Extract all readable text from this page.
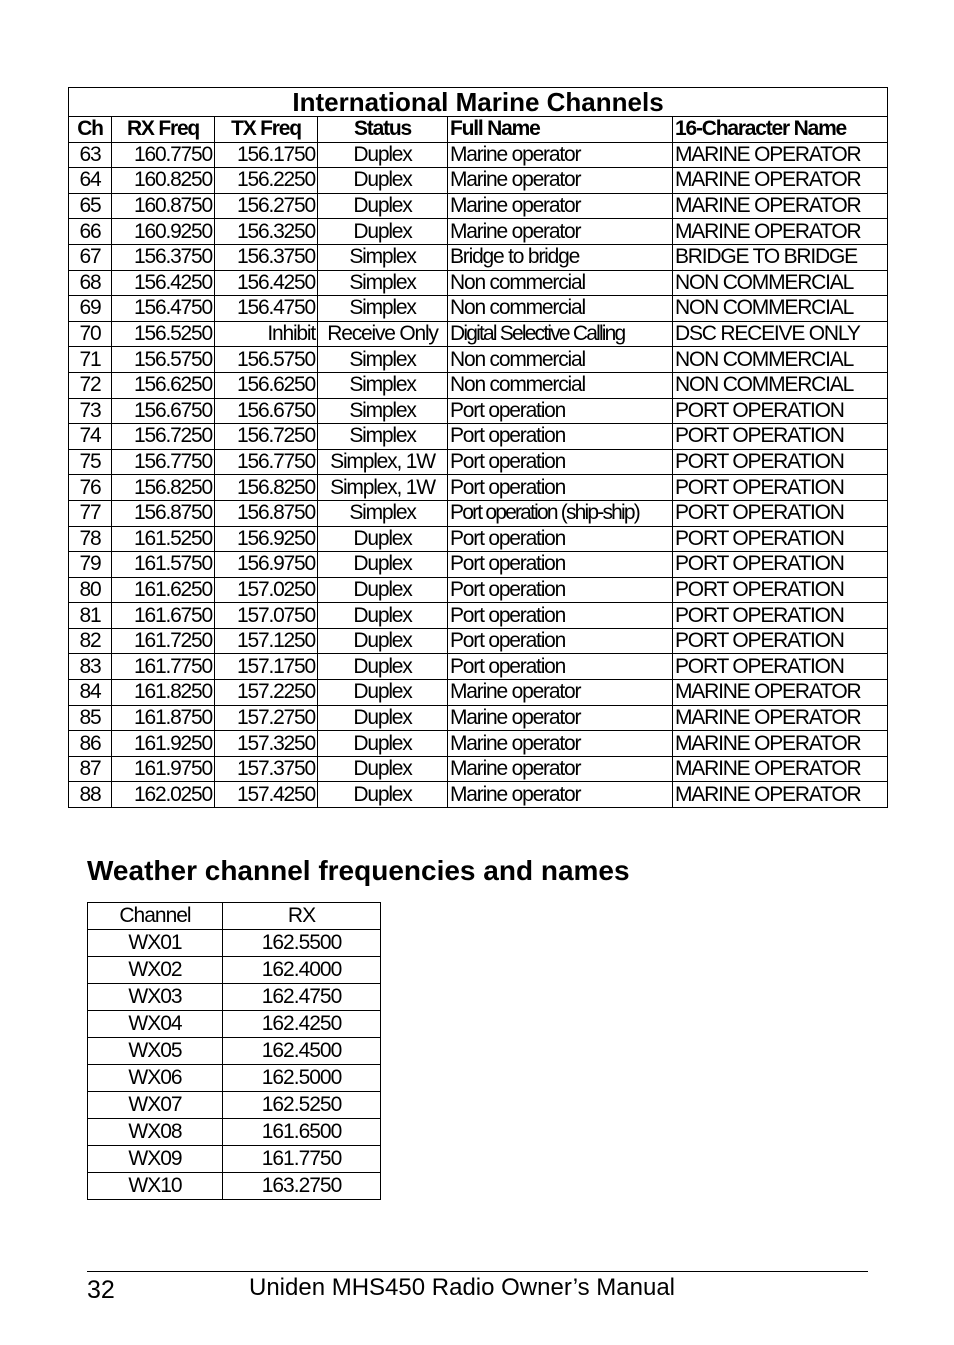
International Marine Channels					
Ch	RX Freq	TX Freq	Status	Full Name	16-Character Name
63	160.7750	156.1750	Duplex	Marine operator	MARINE OPERATOR
64	160.8250	156.2250	Duplex	Marine operator	MARINE OPERATOR
65	160.8750	156.2750	Duplex	Marine operator	MARINE OPERATOR
66	160.9250	156.3250	Duplex	Marine operator	MARINE OPERATOR
67	156.3750	156.3750	Simplex	Bridge to bridge	BRIDGE TO BRIDGE
68	156.4250	156.4250	Simplex	Non commercial	NON COMMERCIAL
69	156.4750	156.4750	Simplex	Non commercial	NON COMMERCIAL
70	156.5250	Inhibit	Receive Only	Digital Selective Calling	DSC RECEIVE ONLY
71	156.5750	156.5750	Simplex	Non commercial	NON COMMERCIAL
72	156.6250	156.6250	Simplex	Non commercial	NON COMMERCIAL
73	156.6750	156.6750	Simplex	Port operation	PORT OPERATION
74	156.7250	156.7250	Simplex	Port operation	PORT OPERATION
75	156.7750	156.7750	Simplex, 1W	Port operation	PORT OPERATION
76	156.8250	156.8250	Simplex, 1W	Port operation	PORT OPERATION
77	156.8750	156.8750	Simplex	Port operation (ship-ship)	PORT OPERATION
78	161.5250	156.9250	Duplex	Port operation	PORT OPERATION
79	161.5750	156.9750	Duplex	Port operation	PORT OPERATION
80	161.6250	157.0250	Duplex	Port operation	PORT OPERATION
81	161.6750	157.0750	Duplex	Port operation	PORT OPERATION
82	161.7250	157.1250	Duplex	Port operation	PORT OPERATION
83	161.7750	157.1750	Duplex	Port operation	PORT OPERATION
84	161.8250	157.2250	Duplex	Marine operator	MARINE OPERATOR
85	161.8750	157.2750	Duplex	Marine operator	MARINE OPERATOR
86	161.9250	157.3250	Duplex	Marine operator	MARINE OPERATOR
87	161.9750	157.3750	Duplex	Marine operator	MARINE OPERATOR
88	162.0250	157.4250	Duplex	Marine operator	MARINE OPERATOR
Weather channel frequencies and names
Channel	RX
WX01	162.5500
WX02	162.4000
WX03	162.4750
WX04	162.4250
WX05	162.4500
WX06	162.5000
WX07	162.5250
WX08	161.6500
WX09	161.7750
WX10	163.2750
32	Uniden MHS450 Radio Owner’s Manual
